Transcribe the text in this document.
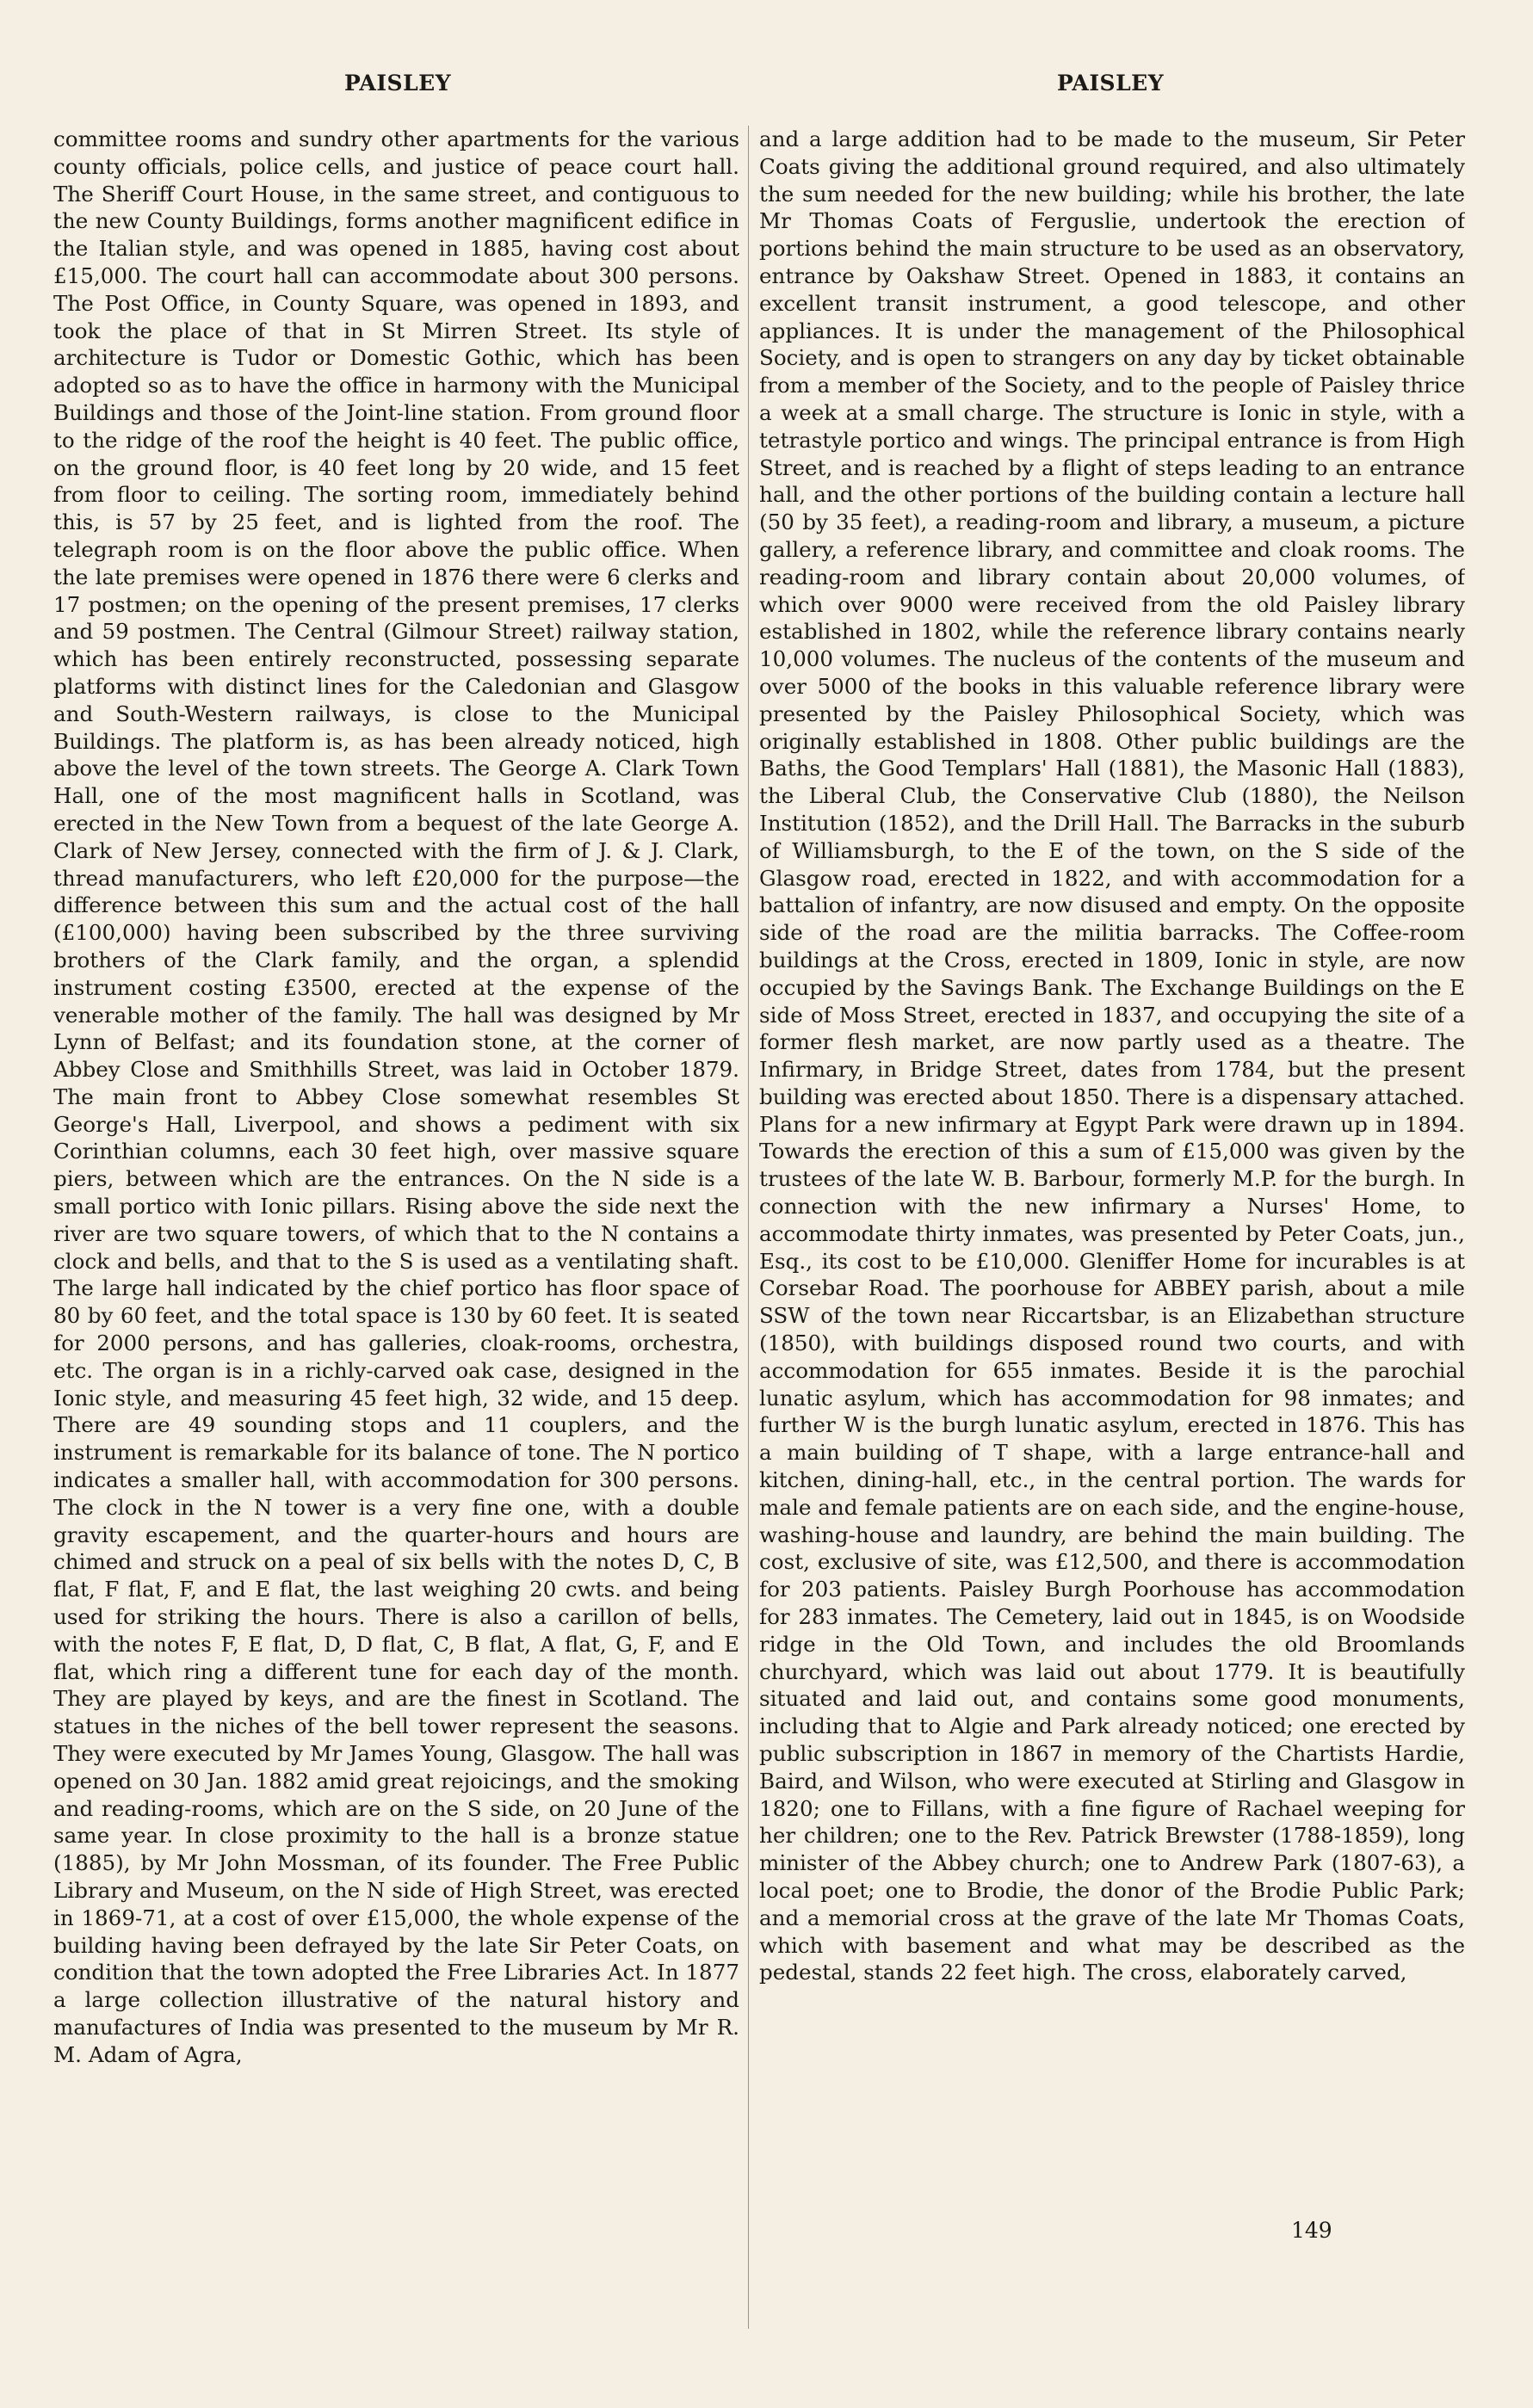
PAISLEY	PAISLEY

committee rooms and sundry other apartments for the various county officials, police cells, and justice of peace court hall. The Sheriff Court House, in the same street, and contiguous to the new County Buildings, forms another magnificent edifice in the Italian style, and was opened in 1885, having cost about £15,000. The court hall can accommodate about 300 persons. The Post Office, in County Square, was opened in 1893, and took the place of that in St Mirren Street. Its style of architecture is Tudor or Domestic Gothic, which has been adopted so as to have the office in harmony with the Municipal Buildings and those of the Joint-line station. From ground floor to the ridge of the roof the height is 40 feet. The public office, on the ground floor, is 40 feet long by 20 wide, and 15 feet from floor to ceiling. The sorting room, immediately behind this, is 57 by 25 feet, and is lighted from the roof. The telegraph room is on the floor above the public office. When the late premises were opened in 1876 there were 6 clerks and 17 postmen; on the opening of the present premises, 17 clerks and 59 postmen. The Central (Gilmour Street) railway station, which has been entirely reconstructed, possessing separate platforms with distinct lines for the Caledonian and Glasgow and South-Western railways, is close to the Municipal Buildings. The platform is, as has been already noticed, high above the level of the town streets. The George A. Clark Town Hall, one of the most magnificent halls in Scotland, was erected in the New Town from a bequest of the late George A. Clark of New Jersey, connected with the firm of J. & J. Clark, thread manufacturers, who left £20,000 for the purpose—the difference between this sum and the actual cost of the hall (£100,000) having been subscribed by the three surviving brothers of the Clark family, and the organ, a splendid instrument costing £3500, erected at the expense of the venerable mother of the family. The hall was designed by Mr Lynn of Belfast; and its foundation stone, at the corner of Abbey Close and Smithhills Street, was laid in October 1879. The main front to Abbey Close somewhat resembles St George's Hall, Liverpool, and shows a pediment with six Corinthian columns, each 30 feet high, over massive square piers, between which are the entrances. On the N side is a small portico with Ionic pillars. Rising above the side next the river are two square towers, of which that to the N contains a clock and bells, and that to the S is used as a ventilating shaft. The large hall indicated by the chief portico has floor space of 80 by 60 feet, and the total space is 130 by 60 feet. It is seated for 2000 persons, and has galleries, cloak-rooms, orchestra, etc. The organ is in a richly-carved oak case, designed in the Ionic style, and measuring 45 feet high, 32 wide, and 15 deep. There are 49 sounding stops and 11 couplers, and the instrument is remarkable for its balance of tone. The N portico indicates a smaller hall, with accommodation for 300 persons. The clock in the N tower is a very fine one, with a double gravity escapement, and the quarter-hours and hours are chimed and struck on a peal of six bells with the notes D, C, B flat, F flat, F, and E flat, the last weighing 20 cwts. and being used for striking the hours. There is also a carillon of bells, with the notes F, E flat, D, D flat, C, B flat, A flat, G, F, and E flat, which ring a different tune for each day of the month. They are played by keys, and are the finest in Scotland. The statues in the niches of the bell tower represent the seasons. They were executed by Mr James Young, Glasgow. The hall was opened on 30 Jan. 1882 amid great rejoicings, and the smoking and reading-rooms, which are on the S side, on 20 June of the same year. In close proximity to the hall is a bronze statue (1885), by Mr John Mossman, of its founder. The Free Public Library and Museum, on the N side of High Street, was erected in 1869-71, at a cost of over £15,000, the whole expense of the building having been defrayed by the late Sir Peter Coats, on condition that the town adopted the Free Libraries Act. In 1877 a large collection illustrative of the natural history and manufactures of India was presented to the museum by Mr R. M. Adam of Agra,

and a large addition had to be made to the museum, Sir Peter Coats giving the additional ground required, and also ultimately the sum needed for the new building; while his brother, the late Mr Thomas Coats of Ferguslie, undertook the erection of portions behind the main structure to be used as an observatory, entrance by Oakshaw Street. Opened in 1883, it contains an excellent transit instrument, a good telescope, and other appliances. It is under the management of the Philosophical Society, and is open to strangers on any day by ticket obtainable from a member of the Society, and to the people of Paisley thrice a week at a small charge. The structure is Ionic in style, with a tetrastyle portico and wings. The principal entrance is from High Street, and is reached by a flight of steps leading to an entrance hall, and the other portions of the building contain a lecture hall (50 by 35 feet), a reading-room and library, a museum, a picture gallery, a reference library, and committee and cloak rooms. The reading-room and library contain about 20,000 volumes, of which over 9000 were received from the old Paisley library established in 1802, while the reference library contains nearly 10,000 volumes. The nucleus of the contents of the museum and over 5000 of the books in this valuable reference library were presented by the Paisley Philosophical Society, which was originally established in 1808. Other public buildings are the Baths, the Good Templars' Hall (1881), the Masonic Hall (1883), the Liberal Club, the Conservative Club (1880), the Neilson Institution (1852), and the Drill Hall. The Barracks in the suburb of Williamsburgh, to the E of the town, on the S side of the Glasgow road, erected in 1822, and with accommodation for a battalion of infantry, are now disused and empty. On the opposite side of the road are the militia barracks. The Coffee-room buildings at the Cross, erected in 1809, Ionic in style, are now occupied by the Savings Bank. The Exchange Buildings on the E side of Moss Street, erected in 1837, and occupying the site of a former flesh market, are now partly used as a theatre. The Infirmary, in Bridge Street, dates from 1784, but the present building was erected about 1850. There is a dispensary attached. Plans for a new infirmary at Egypt Park were drawn up in 1894. Towards the erection of this a sum of £15,000 was given by the trustees of the late W. B. Barbour, formerly M.P. for the burgh. In connection with the new infirmary a Nurses' Home, to accommodate thirty inmates, was presented by Peter Coats, jun., Esq., its cost to be £10,000. Gleniffer Home for incurables is at Corsebar Road. The poorhouse for ABBEY parish, about a mile SSW of the town near Riccartsbar, is an Elizabethan structure (1850), with buildings disposed round two courts, and with accommodation for 655 inmates. Beside it is the parochial lunatic asylum, which has accommodation for 98 inmates; and further W is the burgh lunatic asylum, erected in 1876. This has a main building of T shape, with a large entrance-hall and kitchen, dining-hall, etc., in the central portion. The wards for male and female patients are on each side, and the engine-house, washing-house and laundry, are behind the main building. The cost, exclusive of site, was £12,500, and there is accommodation for 203 patients. Paisley Burgh Poorhouse has accommodation for 283 inmates. The Cemetery, laid out in 1845, is on Woodside ridge in the Old Town, and includes the old Broomlands churchyard, which was laid out about 1779. It is beautifully situated and laid out, and contains some good monuments, including that to Algie and Park already noticed; one erected by public subscription in 1867 in memory of the Chartists Hardie, Baird, and Wilson, who were executed at Stirling and Glasgow in 1820; one to Fillans, with a fine figure of Rachael weeping for her children; one to the Rev. Patrick Brewster (1788-1859), long minister of the Abbey church; one to Andrew Park (1807-63), a local poet; one to Brodie, the donor of the Brodie Public Park; and a memorial cross at the grave of the late Mr Thomas Coats, which with basement and what may be described as the pedestal, stands 22 feet high. The cross, elaborately carved,

149
